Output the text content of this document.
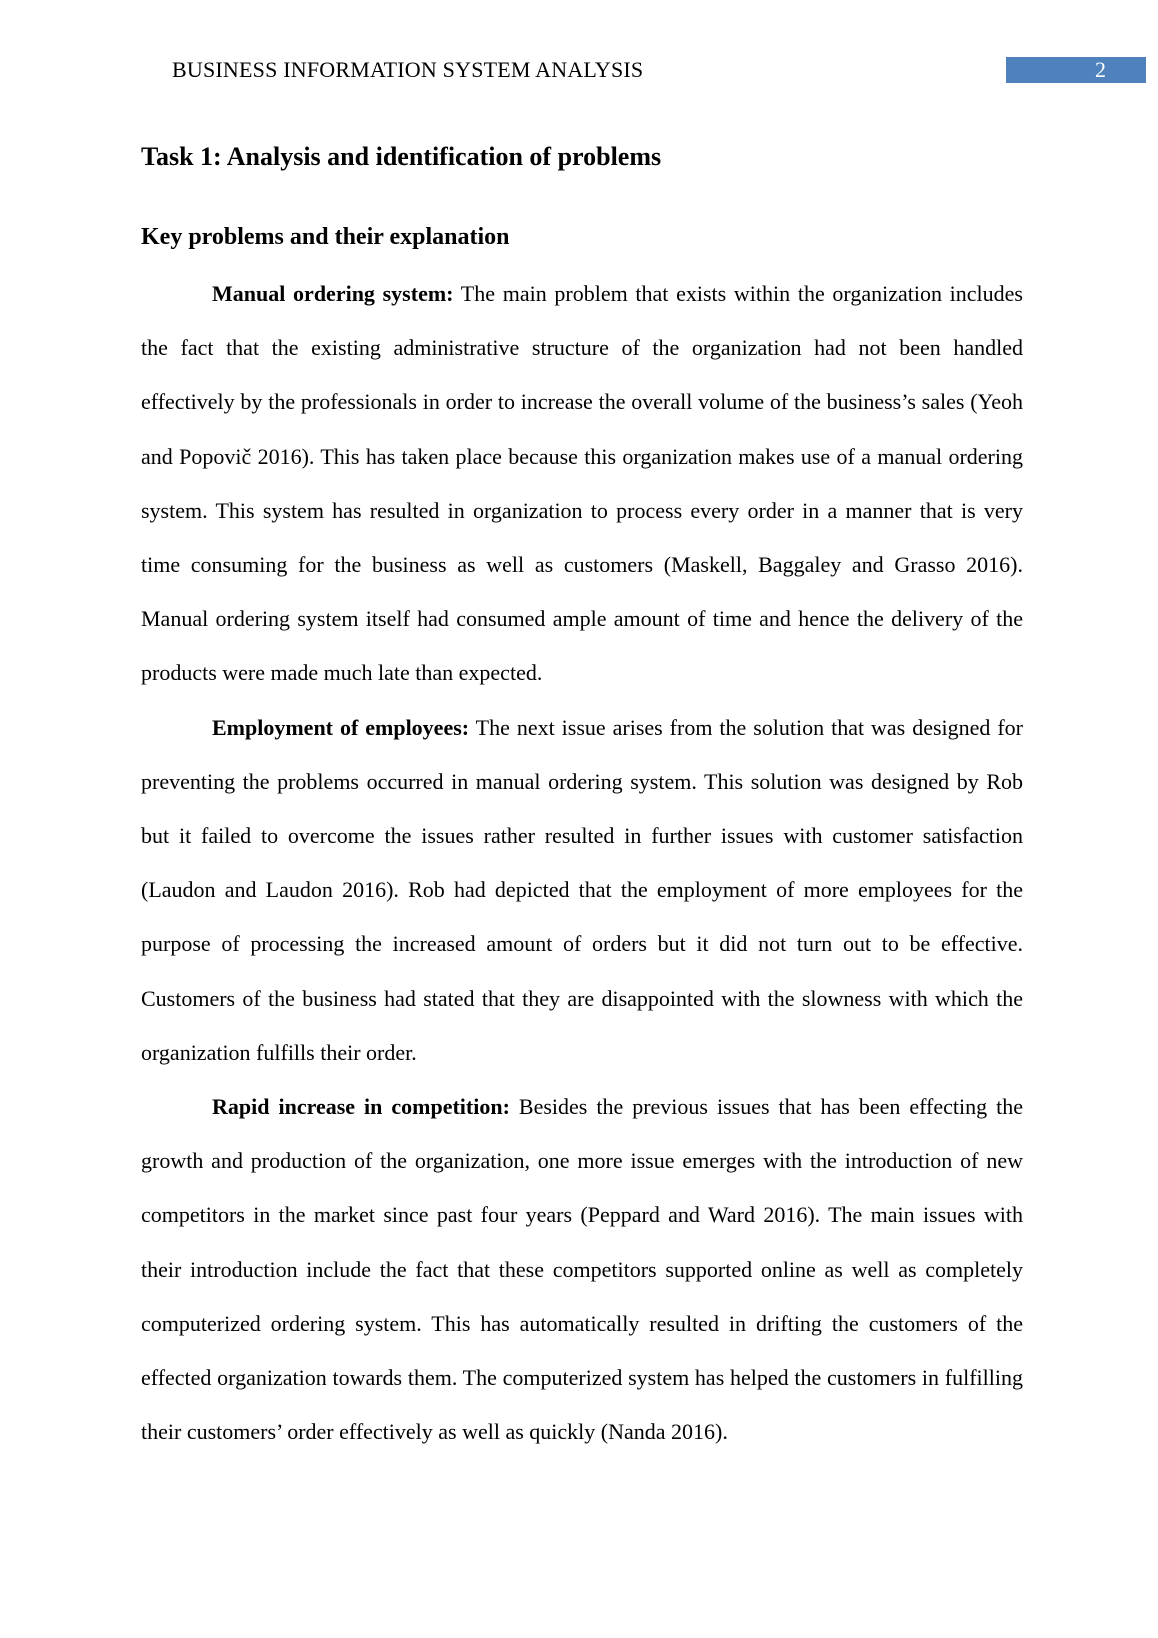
BUSINESS INFORMATION SYSTEM ANALYSIS	2
Task 1: Analysis and identification of problems
Key problems and their explanation

Manual ordering system: The main problem that exists within the organization includes the fact that the existing administrative structure of the organization had not been handled effectively by the professionals in order to increase the overall volume of the business’s sales (Yeoh and Popovič 2016). This has taken place because this organization makes use of a manual ordering system. This system has resulted in organization to process every order in a manner that is very time consuming for the business as well as customers (Maskell, Baggaley and Grasso 2016). Manual ordering system itself had consumed ample amount of time and hence the delivery of the products were made much late than expected.

Employment of employees: The next issue arises from the solution that was designed for preventing the problems occurred in manual ordering system. This solution was designed by Rob but it failed to overcome the issues rather resulted in further issues with customer satisfaction (Laudon and Laudon 2016). Rob had depicted that the employment of more employees for the purpose of processing the increased amount of orders but it did not turn out to be effective. Customers of the business had stated that they are disappointed with the slowness with which the organization fulfills their order.

Rapid increase in competition: Besides the previous issues that has been effecting the growth and production of the organization, one more issue emerges with the introduction of new competitors in the market since past four years (Peppard and Ward 2016). The main issues with their introduction include the fact that these competitors supported online as well as completely computerized ordering system. This has automatically resulted in drifting the customers of the effected organization towards them. The computerized system has helped the customers in fulfilling their customers’ order effectively as well as quickly (Nanda 2016).
